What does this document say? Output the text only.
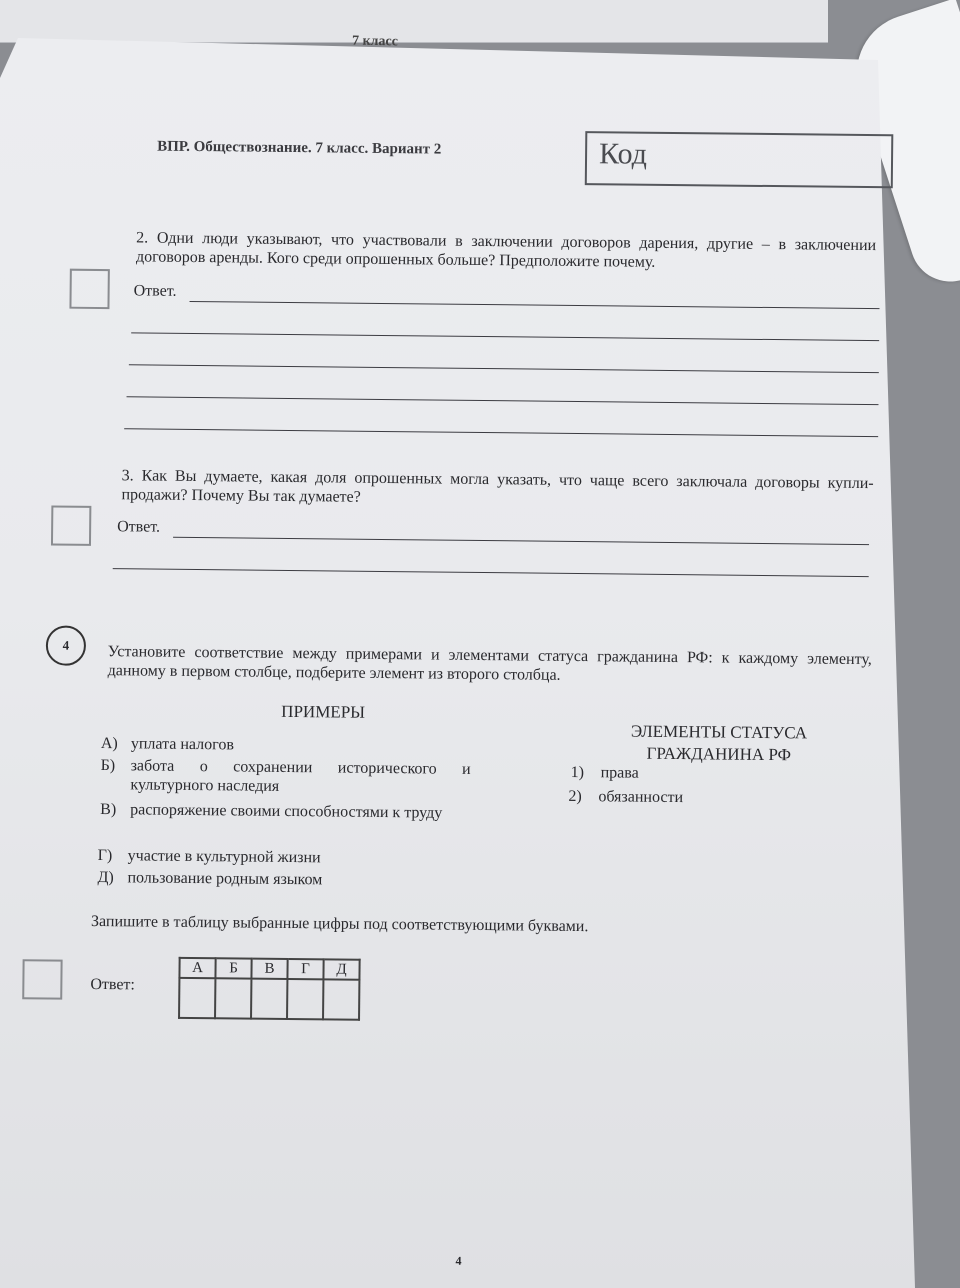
7 класс
ВПР. Обществознание. 7 класс. Вариант 2	Код
2. Одни люди указывают, что участвовали в заключении договоров дарения, другие – в заключении договоров аренды. Кого среди опрошенных больше? Предположите почему.
Ответ.
3. Как Вы думаете, какая доля опрошенных могла указать, что чаще всего заключала договоры купли-продажи? Почему Вы так думаете?
Ответ.
4	Установите соответствие между примерами и элементами статуса гражданина РФ: к каждому элементу, данному в первом столбце, подберите элемент из второго столбца.
ПРИМЕРЫ
ЭЛЕМЕНТЫ СТАТУСА
ГРАЖДАНИНА РФ
А) уплата налогов
Б) забота о сохранении исторического и культурного наследия
В) распоряжение своими способностями к труду
Г) участие в культурной жизни
Д) пользование родным языком
1) права
2) обязанности
Запишите в таблицу выбранные цифры под соответствующими буквами.
Ответ:
А	Б	В	Г	Д

4
